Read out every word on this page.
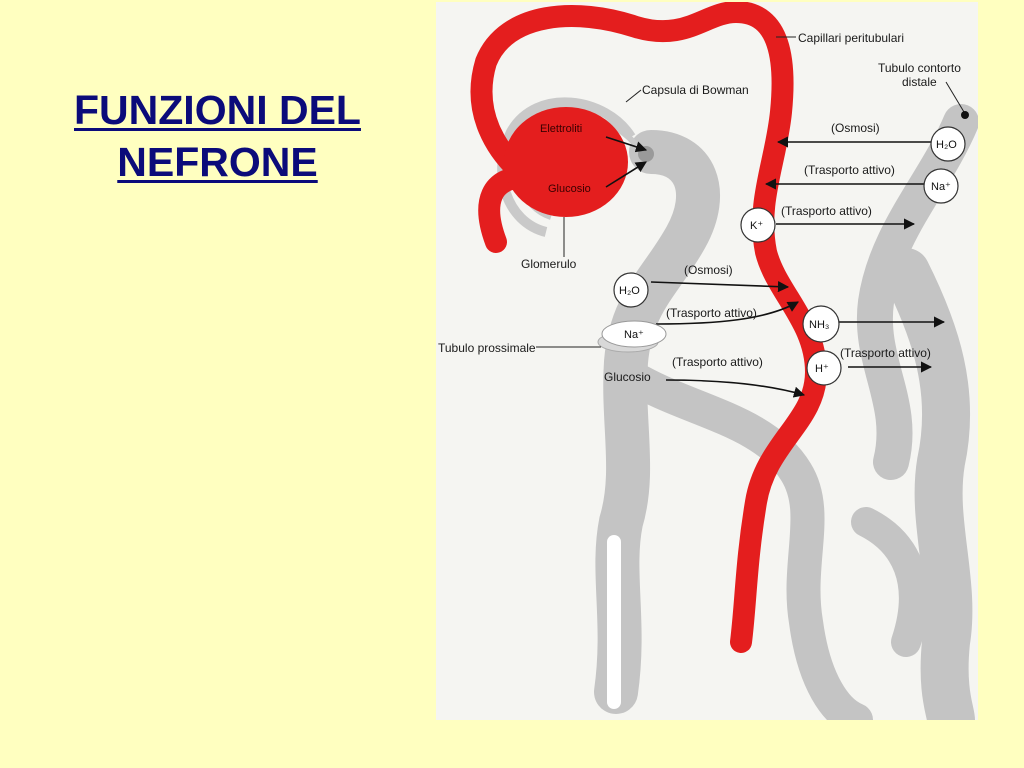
FUNZIONI DEL
NEFRONE
Capillari peritubulari
Tubulo contorto
distale
Capsula di Bowman
Elettroliti
Glucosio
Glomerulo
Tubulo prossimale
Glucosio
(Osmosi)
(Trasporto attivo)
(Trasporto attivo)
(Osmosi)
(Trasporto attivo)
(Trasporto attivo)
(Trasporto attivo)
H₂O
Na⁺
K⁺
H₂O
Na⁺
NH₃
H⁺
